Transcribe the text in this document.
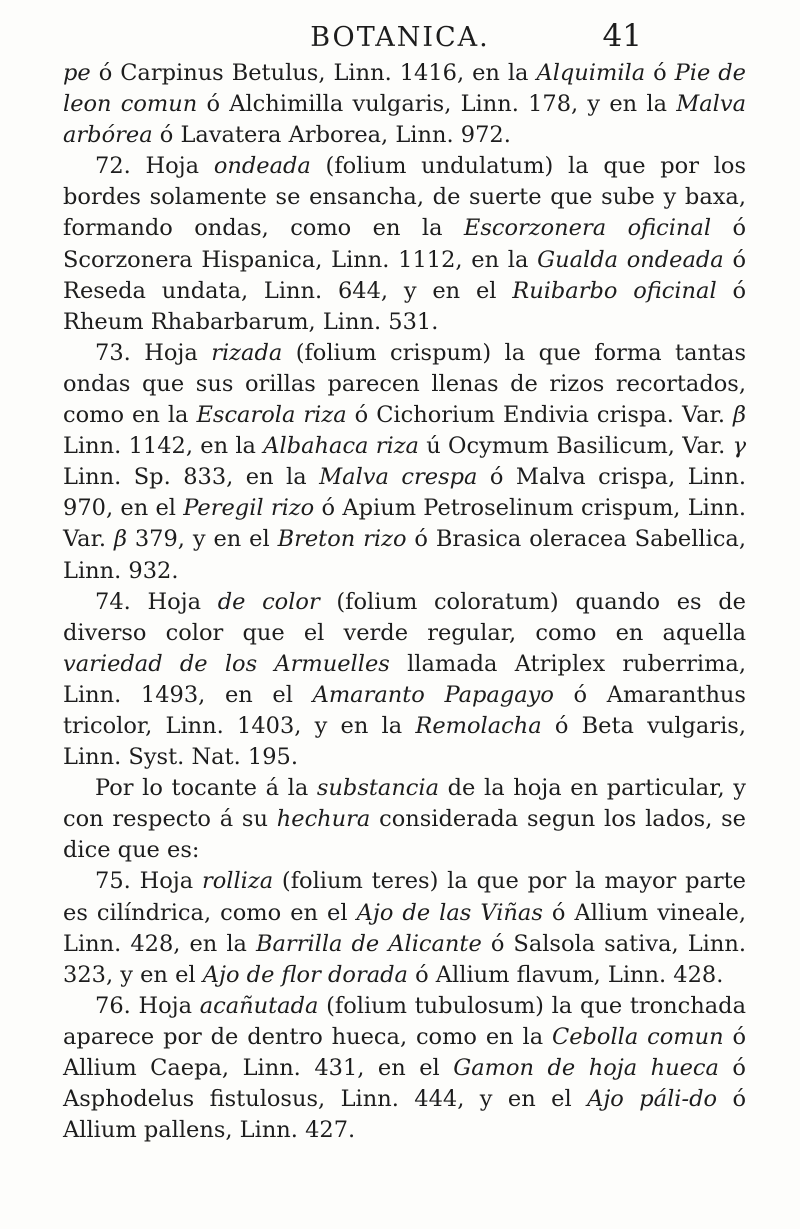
BOTANICA.	41

pe ó Carpinus Betulus, Linn. 1416, en la Alquimila ó Pie de leon comun ó Alchimilla vulgaris, Linn. 178, y en la Malva arbórea ó Lavatera Arborea, Linn. 972.

72. Hoja ondeada (folium undulatum) la que por los bordes solamente se ensancha, de suerte que sube y baxa, formando ondas, como en la Escorzonera oficinal ó Scorzonera Hispanica, Linn. 1112, en la Gualda ondeada ó Reseda undata, Linn. 644, y en el Ruibarbo oficinal ó Rheum Rhabarbarum, Linn. 531.

73. Hoja rizada (folium crispum) la que forma tantas ondas que sus orillas parecen llenas de rizos recortados, como en la Escarola riza ó Cichorium Endivia crispa. Var. β Linn. 1142, en la Albahaca riza ú Ocymum Basilicum, Var. γ Linn. Sp. 833, en la Malva crespa ó Malva crispa, Linn. 970, en el Peregil rizo ó Apium Petroselinum crispum, Linn. Var. β 379, y en el Breton rizo ó Brasica oleracea Sabellica, Linn. 932.

74. Hoja de color (folium coloratum) quando es de diverso color que el verde regular, como en aquella variedad de los Armuelles llamada Atriplex ruberrima, Linn. 1493, en el Amaranto Papagayo ó Amaranthus tricolor, Linn. 1403, y en la Remolacha ó Beta vulgaris, Linn. Syst. Nat. 195.

Por lo tocante á la substancia de la hoja en particular, y con respecto á su hechura considerada segun los lados, se dice que es:

75. Hoja rolliza (folium teres) la que por la mayor parte es cilíndrica, como en el Ajo de las Viñas ó Allium vineale, Linn. 428, en la Barrilla de Alicante ó Salsola sativa, Linn. 323, y en el Ajo de flor dorada ó Allium flavum, Linn. 428.

76. Hoja acañutada (folium tubulosum) la que tronchada aparece por de dentro hueca, como en la Cebolla comun ó Allium Caepa, Linn. 431, en el Gamon de hoja hueca ó Asphodelus fistulosus, Linn. 444, y en el Ajo páli-do ó Allium pallens, Linn. 427.
